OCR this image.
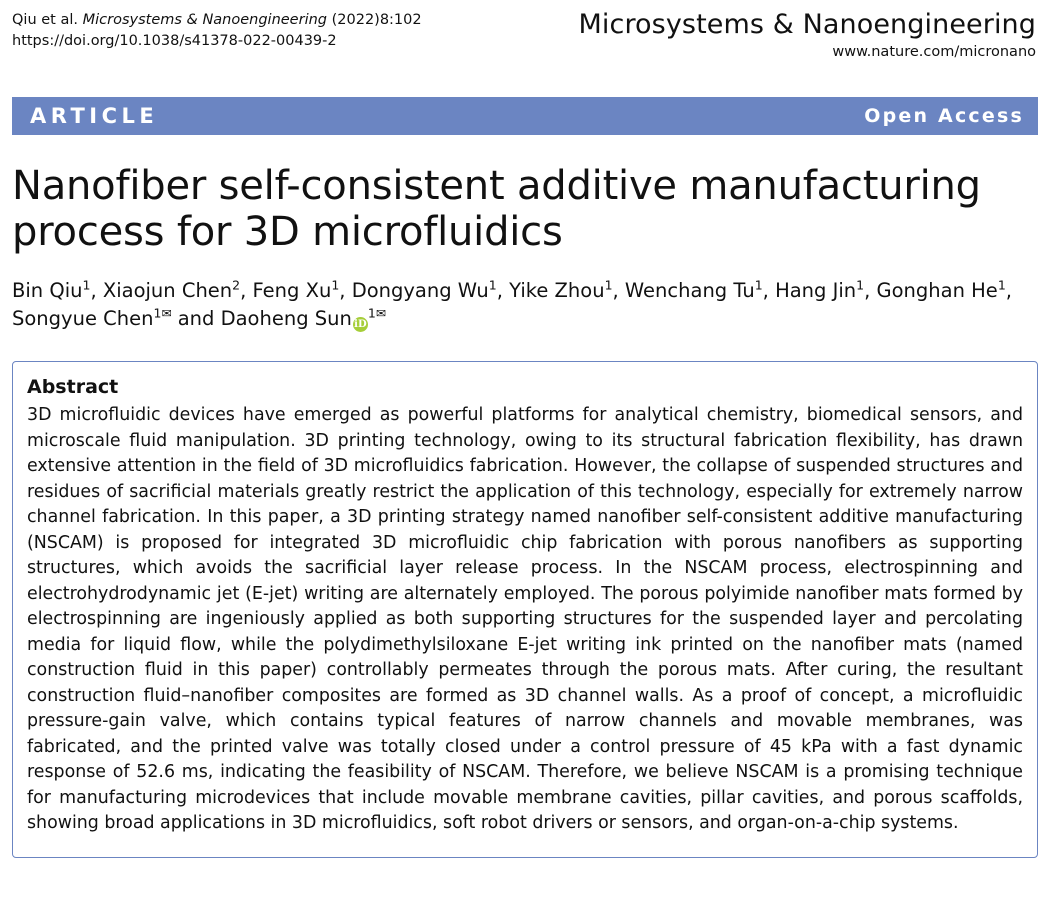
Qiu et al. Microsystems & Nanoengineering (2022)8:102
https://doi.org/10.1038/s41378-022-00439-2
Microsystems & Nanoengineering
www.nature.com/micronano
ARTICLE	Open Access
Nanofiber self-consistent additive manufacturing process for 3D microfluidics
Bin Qiu$^1$, Xiaojun Chen$^2$, Feng Xu$^1$, Dongyang Wu$^1$, Yike Zhou$^1$, Wenchang Tu$^1$, Hang Jin$^1$, Gonghan He$^1$, Songyue Chen$^{1✉}$ and Daoheng Sun $iD^{1✉}$
Abstract
3D microfluidic devices have emerged as powerful platforms for analytical chemistry, biomedical sensors, and microscale fluid manipulation. 3D printing technology, owing to its structural fabrication flexibility, has drawn extensive attention in the field of 3D microfluidics fabrication. However, the collapse of suspended structures and residues of sacrificial materials greatly restrict the application of this technology, especially for extremely narrow channel fabrication. In this paper, a 3D printing strategy named nanofiber self-consistent additive manufacturing (NSCAM) is proposed for integrated 3D microfluidic chip fabrication with porous nanofibers as supporting structures, which avoids the sacrificial layer release process. In the NSCAM process, electrospinning and electrohydrodynamic jet (E-jet) writing are alternately employed. The porous polyimide nanofiber mats formed by electrospinning are ingeniously applied as both supporting structures for the suspended layer and percolating media for liquid flow, while the polydimethylsiloxane E-jet writing ink printed on the nanofiber mats (named construction fluid in this paper) controllably permeates through the porous mats. After curing, the resultant construction fluid–nanofiber composites are formed as 3D channel walls. As a proof of concept, a microfluidic pressure-gain valve, which contains typical features of narrow channels and movable membranes, was fabricated, and the printed valve was totally closed under a control pressure of 45 kPa with a fast dynamic response of 52.6 ms, indicating the feasibility of NSCAM. Therefore, we believe NSCAM is a promising technique for manufacturing microdevices that include movable membrane cavities, pillar cavities, and porous scaffolds, showing broad applications in 3D microfluidics, soft robot drivers or sensors, and organ-on-a-chip systems.
